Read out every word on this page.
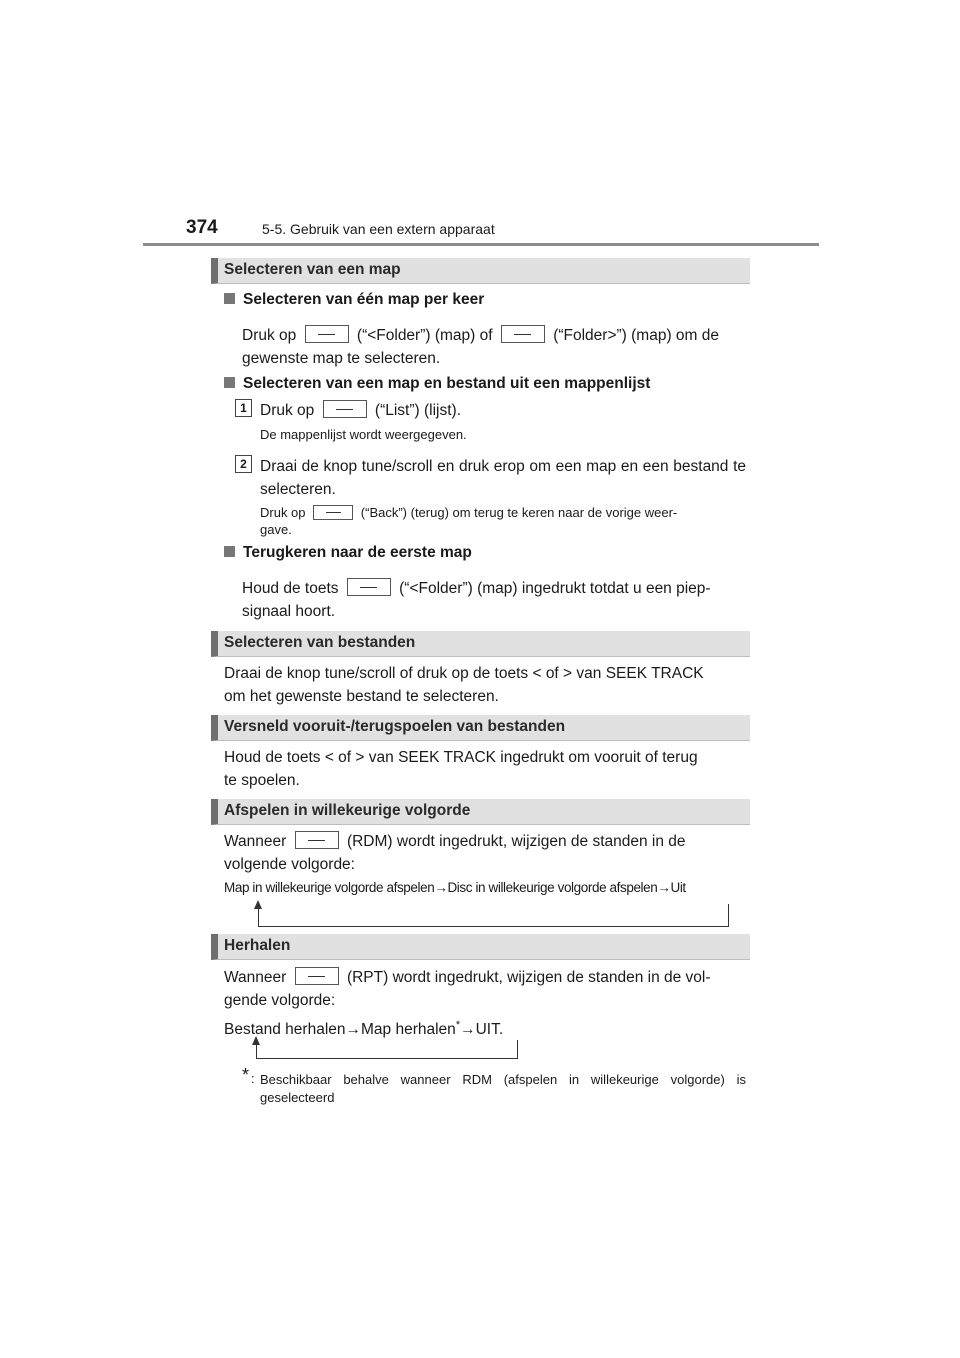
374	5-5. Gebruik van een extern apparaat
Selecteren van een map
Selecteren van één map per keer
Druk op	(“<Folder”) (map) of	(“Folder>”) (map) om de
gewenste map te selecteren.
Selecteren van een map en bestand uit een mappenlijst
1 Druk op	(“List”) (lijst).
De mappenlijst wordt weergegeven.
2 Draai de knop tune/scroll en druk erop om een map en een bestand te selecteren.
Druk op	(“Back”) (terug) om terug te keren naar de vorige weer-
gave.
Terugkeren naar de eerste map
Houd de toets	(“<Folder”) (map) ingedrukt totdat u een piep-
signaal hoort.
Selecteren van bestanden
Draai de knop tune/scroll of druk op de toets < of > van SEEK TRACK
om het gewenste bestand te selecteren.
Versneld vooruit-/terugspoelen van bestanden
Houd de toets < of > van SEEK TRACK ingedrukt om vooruit of terug
te spoelen.
Afspelen in willekeurige volgorde
Wanneer	(RDM) wordt ingedrukt, wijzigen de standen in de
volgende volgorde:
Map in willekeurige volgorde afspelen→Disc in willekeurige volgorde afspelen→Uit
Herhalen
Wanneer	(RPT) wordt ingedrukt, wijzigen de standen in de vol-
gende volgorde:
Bestand herhalen→Map herhalen*→UIT.
* : Beschikbaar behalve wanneer RDM (afspelen in willekeurige volgorde) is geselecteerd
